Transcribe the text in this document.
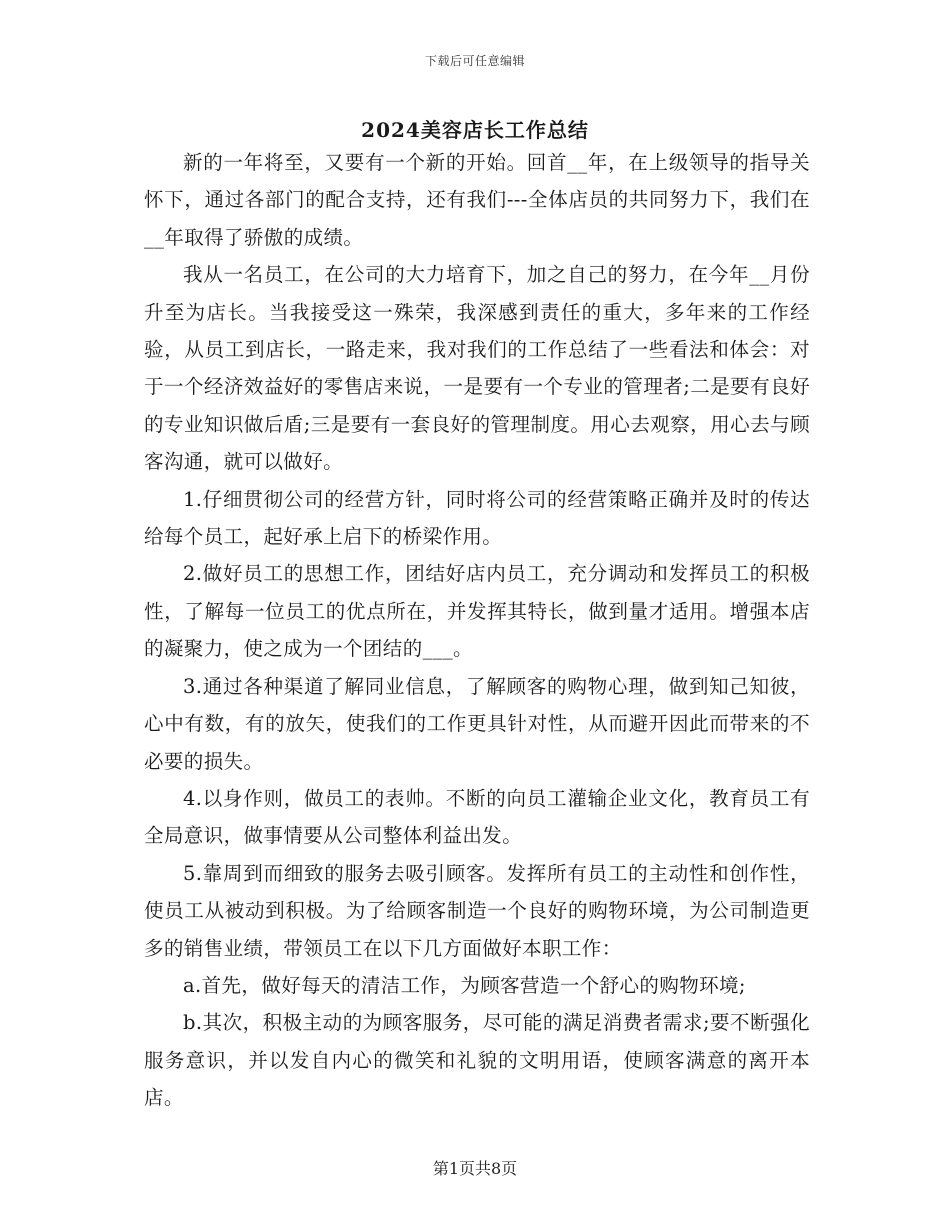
下载后可任意编辑
2024美容店长工作总结

新的一年将至，又要有一个新的开始。回首__年，在上级领导的指导关怀下，通过各部门的配合支持，还有我们---全体店员的共同努力下，我们在__年取得了骄傲的成绩。

我从一名员工，在公司的大力培育下，加之自己的努力，在今年__月份升至为店长。当我接受这一殊荣，我深感到责任的重大，多年来的工作经验，从员工到店长，一路走来，我对我们的工作总结了一些看法和体会：对于一个经济效益好的零售店来说，一是要有一个专业的管理者;二是要有良好的专业知识做后盾;三是要有一套良好的管理制度。用心去观察，用心去与顾客沟通，就可以做好。

1.仔细贯彻公司的经营方针，同时将公司的经营策略正确并及时的传达给每个员工，起好承上启下的桥梁作用。

2.做好员工的思想工作，团结好店内员工，充分调动和发挥员工的积极性，了解每一位员工的优点所在，并发挥其特长，做到量才适用。增强本店的凝聚力，使之成为一个团结的___。

3.通过各种渠道了解同业信息，了解顾客的购物心理，做到知己知彼，心中有数，有的放矢，使我们的工作更具针对性，从而避开因此而带来的不必要的损失。

4.以身作则，做员工的表帅。不断的向员工灌输企业文化，教育员工有全局意识，做事情要从公司整体利益出发。

5.靠周到而细致的服务去吸引顾客。发挥所有员工的主动性和创作性，使员工从被动到积极。为了给顾客制造一个良好的购物环境，为公司制造更多的销售业绩，带领员工在以下几方面做好本职工作：

a.首先，做好每天的清洁工作，为顾客营造一个舒心的购物环境;

b.其次，积极主动的为顾客服务，尽可能的满足消费者需求;要不断强化服务意识，并以发自内心的微笑和礼貌的文明用语，使顾客满意的离开本店。

第1页共8页
